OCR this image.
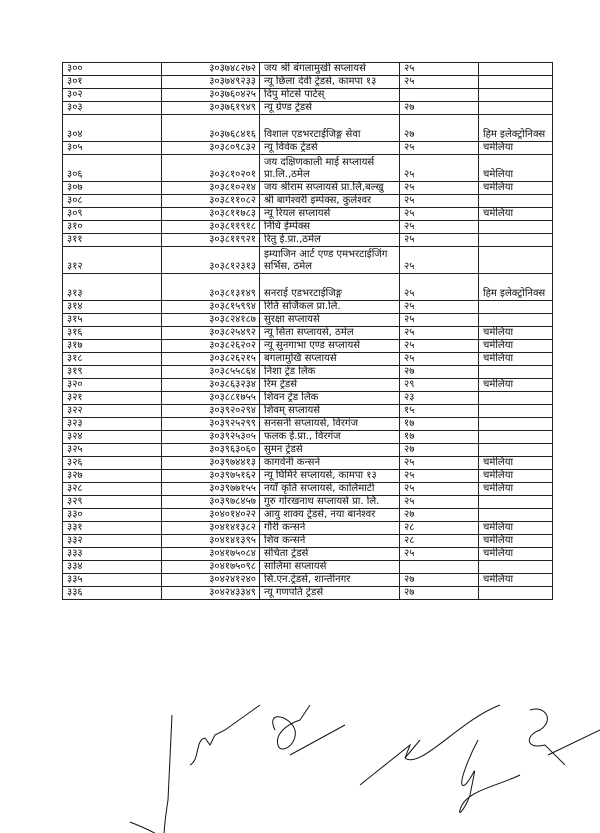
३००	३०३७४८२७२	जय श्री बंगलामुखी सप्लायर्स	२५	
३०१	३०३७४९२३३	न्यू छिला देवी ट्रेडर्स, कामपा १३	२५	
३०२	३०३७६०४२५	दिपु मोटर्स पार्टस्		
३०३	३०३७६१९४९	न्यू ग्रेण्ड ट्रेडर्स	२७	
३०४	३०३७६८४१६	विशाल एडभरटाईजिङ्ग सेवा	२७	हिम इलेक्ट्रोनिक्स
३०५	३०३८०९८३२	न्यू विवेक ट्रेडर्स	२५	चमेलिया
३०६	३०३८१०२०१	जय दक्षिणकाली माई सप्लायर्स प्रा.लि.,ठमेल	२५	चमेलिया
३०७	३०३८१०२१४	जय श्रीराम सप्लायर्स प्रा.लि,बल्खु	२५	चमेलिया
३०८	३०३८११०८२	श्री बागेश्वरी इम्पेक्स, कुलेश्वर	२५	
३०९	३०३८११७८३	न्यू रियल सप्लायर्स	२५	चमेलिया
३१०	३०३८११९१८	निधि ईम्पेक्स	२५	
३११	३०३८११९२१	रितु ई.प्रा.,ठमेल	२५	
३१२	३०३८१२३१३	इम्याजिन आर्ट एण्ड एमभरटाईजिंग सर्भिस, ठमेल	२५	
३१३	३०३८१३१४९	सनराई एडभरटाईजिङ्ग	२५	हिम इलेक्ट्रोनिक्स
३१४	३०३८१५९९४	रिति सर्जिकल प्रा.लि.	२५	
३१५	३०३८२४१८७	सुरक्षा सप्लायर्स	२५	
३१६	३०३८२५४९२	न्यू सिता सप्लायर्स, ठमेल	२५	चमेलिया
३१७	३०३८२६२०२	न्यू सुनगाभा एण्ड सप्लायर्स	२५	चमेलिया
३१८	३०३८२६२१५	बगलामुखि सप्लायर्स	२५	चमेलिया
३१९	३०३८५५८६४	निशा ट्रेड लिंक	२७	
३२०	३०३८६३२३४	रिम ट्रेडर्स	२९	चमेलिया
३२१	३०३८८१७५५	शिवन ट्रेड लिंक	२३	
३२२	३०३९२०२९४	शिवम् सप्लायर्स	१५	
३२३	३०३९२५२९९	सनसनी सप्लायर्स, विरगंज	१७	
३२४	३०३९२५३०५	फलक ई.प्रा., विरगंज	१७	
३२५	३०३९६३०६०	सुमन ट्रेडर्स	२७	
३२६	३०३९७४४१३	कागवेनी कन्सर्न	२५	चमेलिया
३२७	३०३९७५१६२	न्यू घिमिरे सप्लायर्स, कामपा १३	२५	चमेलिया
३२८	३०३९७७१५५	नयाँ कृति सप्लायर्स, कालिमाटी	२५	चमेलिया
३२९	३०३९७८४५७	गुरु गोरखनाथ सप्लायर्स प्रा. लि.	२५	
३३०	३०४०१४०२२	आयु शाक्य ट्रेडर्स, नया बानेश्वर	२७	
३३१	३०४१४१३८२	गौरी कन्सर्न	२८	चमेलिया
३३२	३०४१४१३९५	शिव कन्सर्न	२८	चमेलिया
३३३	३०४१७५०८४	संचिता ट्रेडर्स	२५	चमेलिया
३३४	३०४१७५०९८	सालिमा सप्लायर्स		
३३५	३०४२४१२४०	सि.एन.ट्रेडर्स, शान्तीनगर	२७	चमेलिया
३३६	३०४२४३३४९	न्यू गणपति ट्रेडर्स	२७	
